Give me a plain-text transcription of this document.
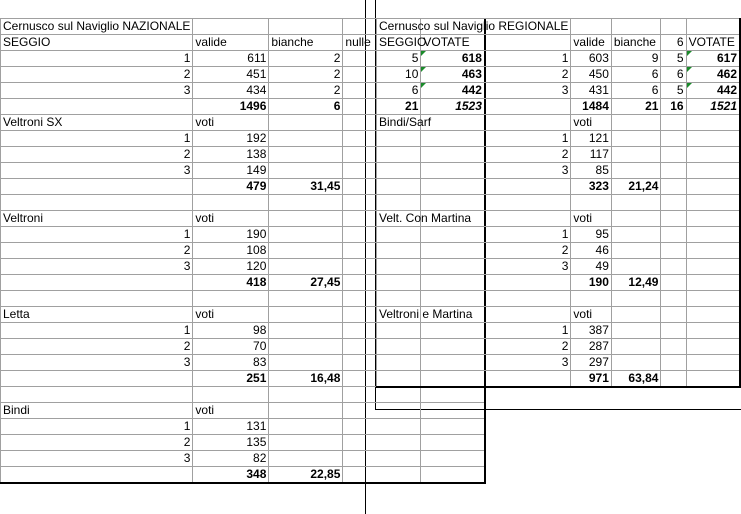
Cernusco sul Naviglio NAZIONALE				
SEGGIO	valide	bianche	nulle	VOTATE
1	611	2	5	618
2	451	2	10	463
3	434	2	6	442
	1496	6	21	1523
Veltroni SX	voti			
1	192			
2	138			
3	149			
	479	31,45		

Veltroni	voti			
1	190			
2	108			
3	120			
	418	27,45		

Letta	voti			
1	98			
2	70			
3	83			
	251	16,48		

Bindi	voti			
1	131			
2	135			
3	82			
	348	22,85		
Cernusco sul Naviglio REGIONALE				
SEGGIO	valide	bianche	6	VOTATE
1	603	9	5	617
2	450	6	6	462
3	431	6	5	442
	1484	21	16	1521
Bindi/Sarf	voti			
1	121			
2	117			
3	85			
	323	21,24		

Velt. Con Martina	voti			
1	95			
2	46			
3	49			
	190	12,49		

Veltroni e Martina	voti			
1	387			
2	287			
3	297			
	971	63,84		
